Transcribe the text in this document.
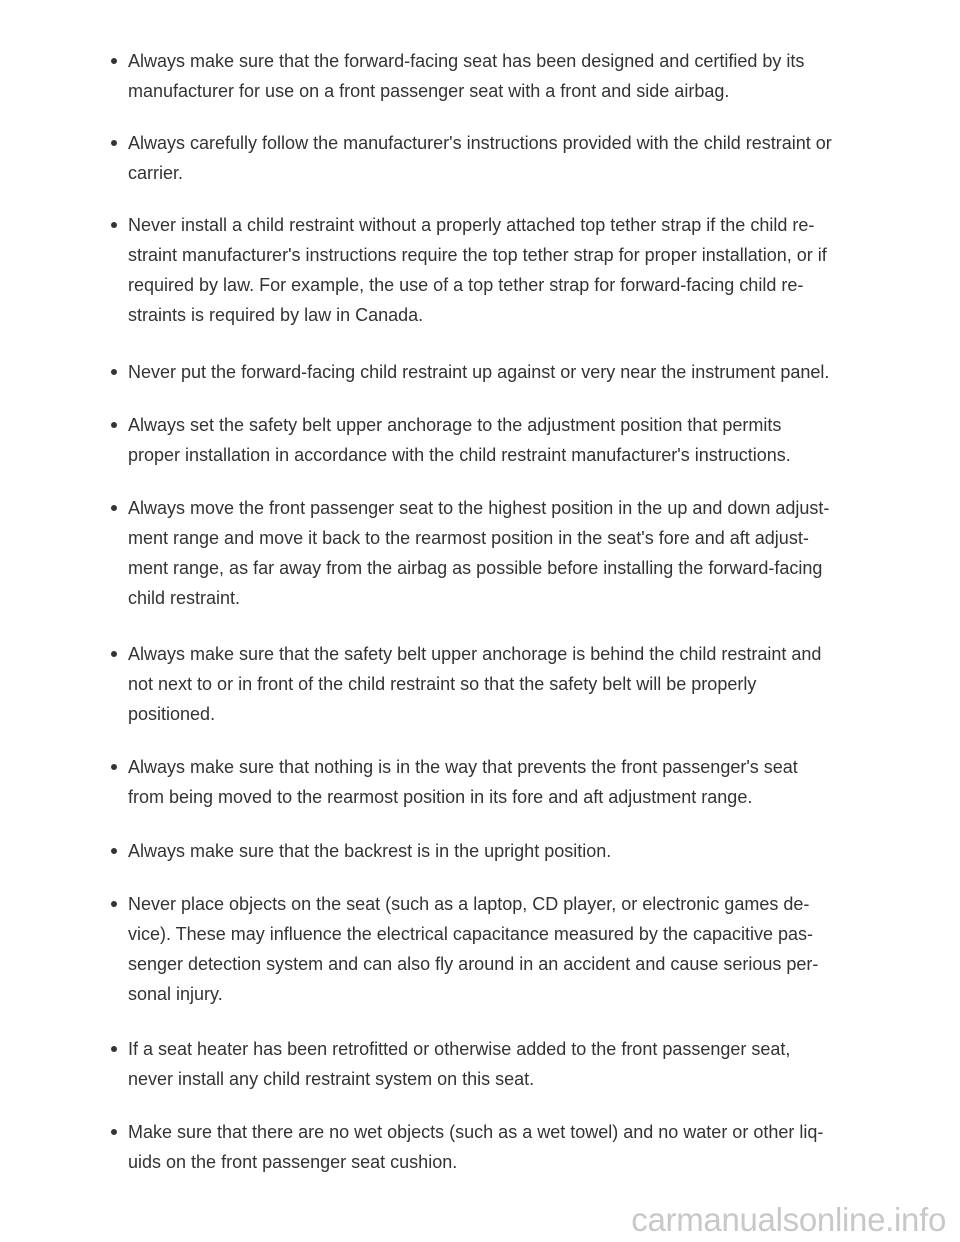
Always make sure that the forward-facing seat has been designed and certified by its
manufacturer for use on a front passenger seat with a front and side airbag.
Always carefully follow the manufacturer's instructions provided with the child restraint or
carrier.
Never install a child restraint without a properly attached top tether strap if the child re-
straint manufacturer's instructions require the top tether strap for proper installation, or if
required by law. For example, the use of a top tether strap for forward-facing child re-
straints is required by law in Canada.
Never put the forward-facing child restraint up against or very near the instrument panel.
Always set the safety belt upper anchorage to the adjustment position that permits
proper installation in accordance with the child restraint manufacturer's instructions.
Always move the front passenger seat to the highest position in the up and down adjust-
ment range and move it back to the rearmost position in the seat's fore and aft adjust-
ment range, as far away from the airbag as possible before installing the forward-facing
child restraint.
Always make sure that the safety belt upper anchorage is behind the child restraint and
not next to or in front of the child restraint so that the safety belt will be properly
positioned.
Always make sure that nothing is in the way that prevents the front passenger's seat
from being moved to the rearmost position in its fore and aft adjustment range.
Always make sure that the backrest is in the upright position.
Never place objects on the seat (such as a laptop, CD player, or electronic games de-
vice). These may influence the electrical capacitance measured by the capacitive pas-
senger detection system and can also fly around in an accident and cause serious per-
sonal injury.
If a seat heater has been retrofitted or otherwise added to the front passenger seat,
never install any child restraint system on this seat.
Make sure that there are no wet objects (such as a wet towel) and no water or other liq-
uids on the front passenger seat cushion.
carmanualsonline.info
